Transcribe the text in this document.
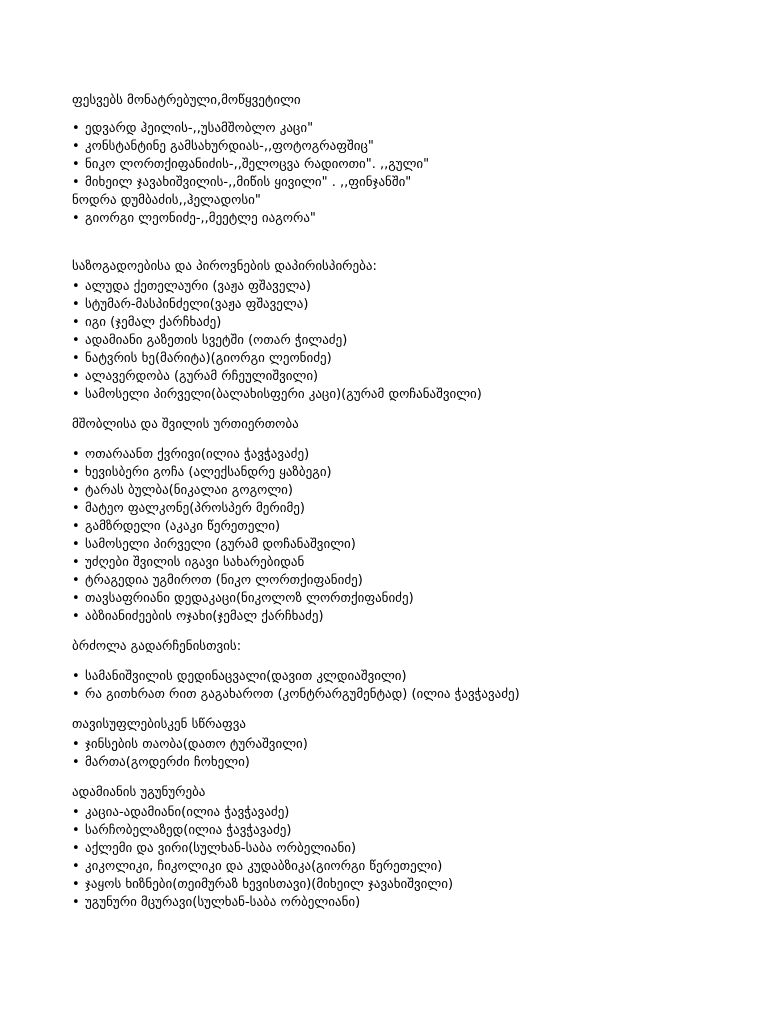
ფესვებს მონატრებული,მოწყვეტილი

• ედვარდ ჰეილის-,,უსამშობლო კაცი"
• კონსტანტინე გამსახურდიას-,,ფოტოგრაფშიც"
• ნიკო ლორთქიფანიძის-,,შელოცვა რადიოთი". ,,გული"
• მიხეილ ჯავახიშვილის-,,მიწის ყივილი" . ,,ფინჯანში"
ნოდრა დუმბაძის,,ჰელადოსი"
• გიორგი ლეონიძე-,,მეეტლე იაგორა"

საზოგადოებისა და პიროვნების დაპირისპირება:

• ალუდა ქეთელაური (ვაჟა ფშაველა)
• სტუმარ-მასპინძელი(ვაჟა ფშაველა)
• იგი (ჯემალ ქარჩხაძე)
• ადამიანი გაზეთის სვეტში (ოთარ ჭილაძე)
• ნატვრის ხე(მარიტა)(გიორგი ლეონიძე)
• ალავერდობა (გურამ რჩეულიშვილი)
• სამოსელი პირველი(ბალახისფერი კაცი)(გურამ დოჩანაშვილი)

მშობლისა და შვილის ურთიერთობა

• ოთარაანთ ქვრივი(ილია ჭავჭავაძე)
• ხევისბერი გოჩა (ალექსანდრე ყაზბეგი)
• ტარას ბულბა(ნიკალაი გოგოლი)
• მატეო ფალკონე(პროსპერ მერიმე)
• გამზრდელი (აკაკი წერეთელი)
• სამოსელი პირველი (გურამ დოჩანაშვილი)
• უძღები შვილის იგავი სახარებიდან
• ტრაგედია უგმიროთ (ნიკო ლორთქიფანიძე)
• თავსაფრიანი დედაკაცი(ნიკოლოზ ლორთქიფანიძე)
• აბზიანიძეების ოჯახი(ჯემალ ქარჩხაძე)

ბრძოლა გადარჩენისთვის:

• სამანიშვილის დედინაცვალი(დავით კლდიაშვილი)
• რა გითხრათ რით გაგახაროთ (კონტრარგუმენტად) (ილია ჭავჭავაძე)

თავისუფლებისკენ სწრაფვა

• ჯინსების თაობა(დათო ტურაშვილი)
• მართა(გოდერძი ჩოხელი)

ადამიანის უგუნურება

• კაცია-ადამიანი(ილია ჭავჭავაძე)
• სარჩობელაზედ(ილია ჭავჭავაძე)
• აქლემი და ვირი(სულხან-საბა ორბელიანი)
• კიკოლიკი, ჩიკოლიკი და კუდაბზიკა(გიორგი წერეთელი)
• ჯაყოს ხიზნები(თეიმურაზ ხევისთავი)(მიხეილ ჯავახიშვილი)
• უგუნური მცურავი(სულხან-საბა ორბელიანი)
